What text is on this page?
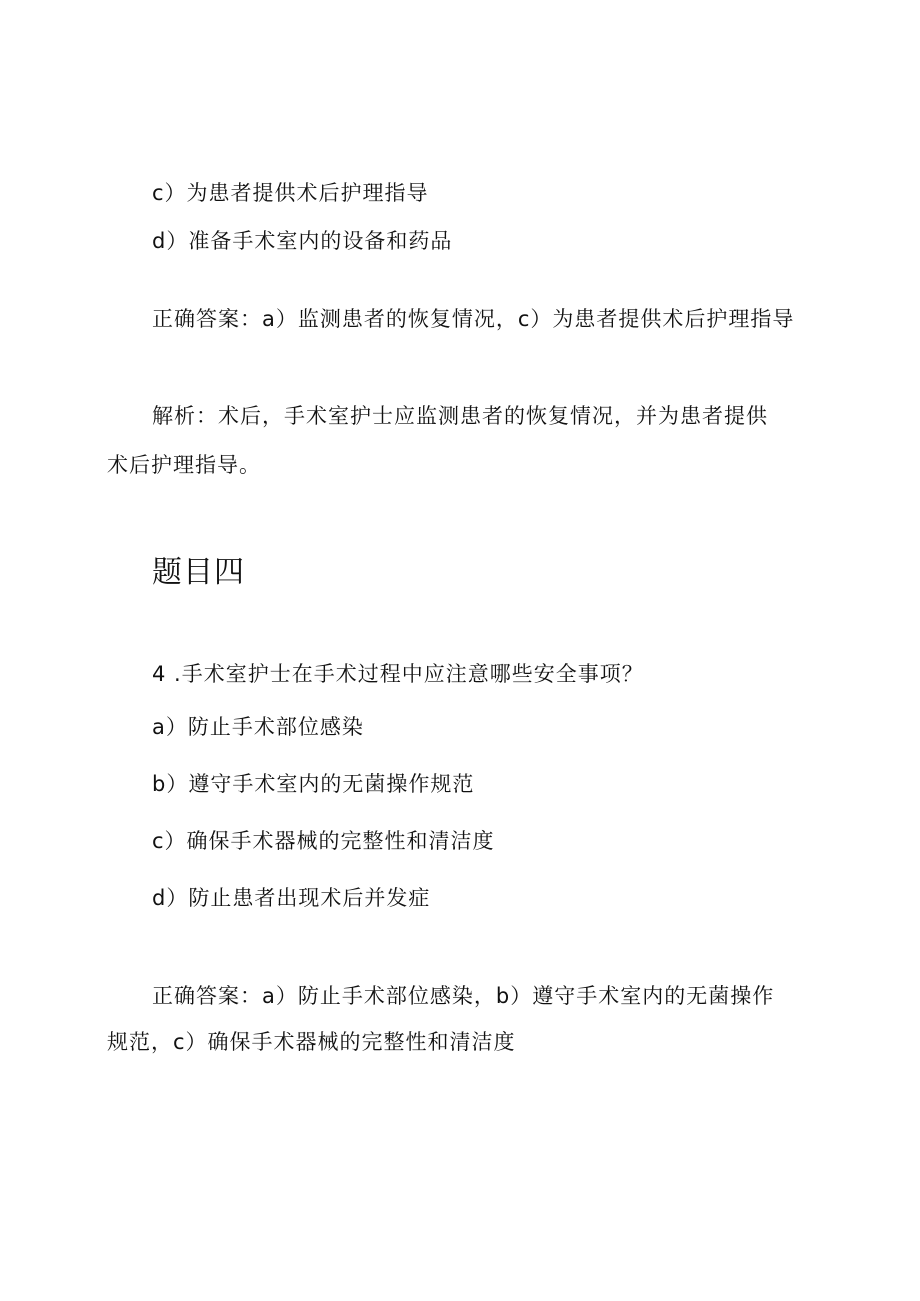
c）为患者提供术后护理指导
d）准备手术室内的设备和药品
正确答案：a）监测患者的恢复情况，c）为患者提供术后护理指导
解析：术后，手术室护士应监测患者的恢复情况，并为患者提供
术后护理指导。
题目四
4 .手术室护士在手术过程中应注意哪些安全事项？
a）防止手术部位感染
b）遵守手术室内的无菌操作规范
c）确保手术器械的完整性和清洁度
d）防止患者出现术后并发症
正确答案：a）防止手术部位感染，b）遵守手术室内的无菌操作
规范，c）确保手术器械的完整性和清洁度
